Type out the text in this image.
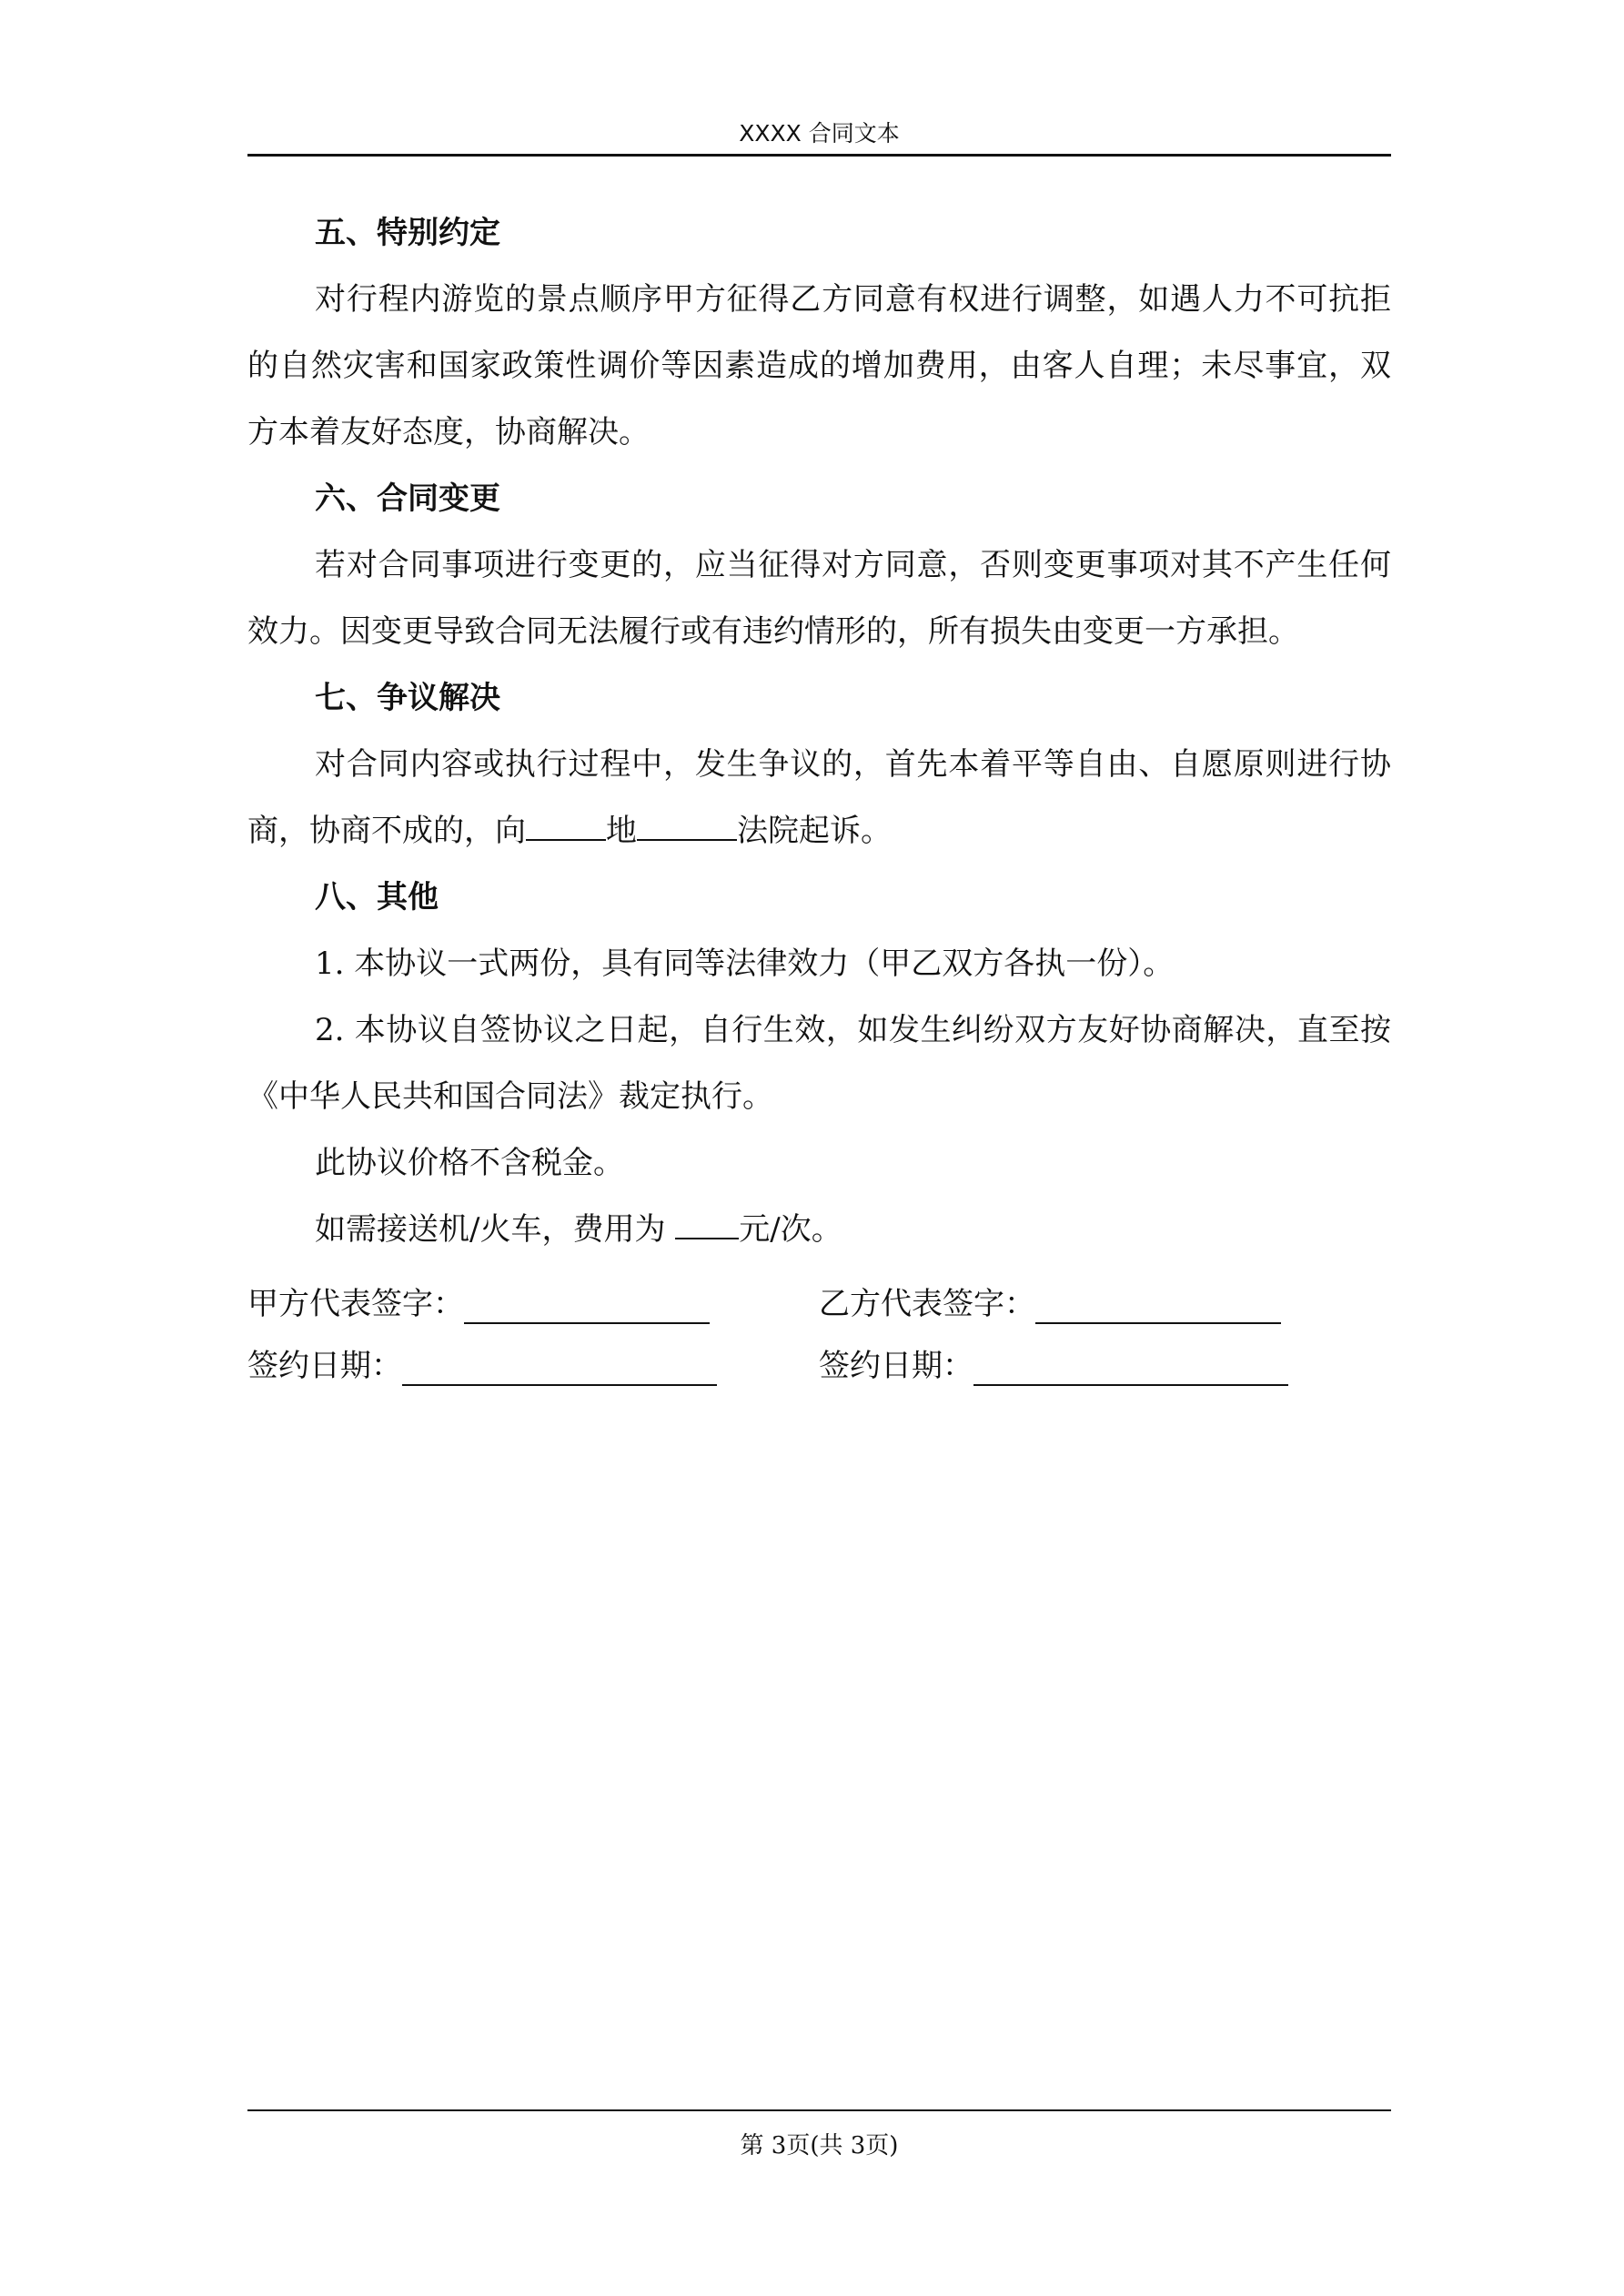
XXXX 合同文本

五、特别约定

对行程内游览的景点顺序甲方征得乙方同意有权进行调整，如遇人力不可抗拒的自然灾害和国家政策性调价等因素造成的增加费用，由客人自理；未尽事宜，双方本着友好态度，协商解决。

六、合同变更

若对合同事项进行变更的，应当征得对方同意，否则变更事项对其不产生任何效力。因变更导致合同无法履行或有违约情形的，所有损失由变更一方承担。

七、争议解决

对合同内容或执行过程中，发生争议的，首先本着平等自由、自愿原则进行协商，协商不成的，向	地	法院起诉。

八、其他

1. 本协议一式两份，具有同等法律效力（甲乙双方各执一份）。

2. 本协议自签协议之日起，自行生效，如发生纠纷双方友好协商解决，直至按《中华人民共和国合同法》裁定执行。

此协议价格不含税金。

如需接送机/火车，费用为 元/次。

甲方代表签字：	乙方代表签字：
签约日期：	签约日期：
第 3页(共 3页)
